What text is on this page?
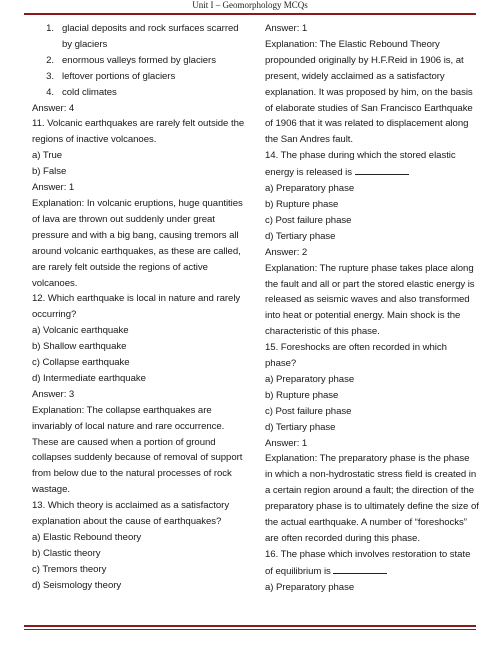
Unit I – Geomorphology MCQs
1. glacial deposits and rock surfaces scarred by glaciers
2. enormous valleys formed by glaciers
3. leftover portions of glaciers
4. cold climates

Answer: 4

11. Volcanic earthquakes are rarely felt outside the regions of inactive volcanoes.

a) True

b) False

Answer: 1

Explanation: In volcanic eruptions, huge quantities of lava are thrown out suddenly under great pressure and with a big bang, causing tremors all around volcanic earthquakes, as these are called, are rarely felt outside the regions of active volcanoes.

12. Which earthquake is local in nature and rarely occurring?

a) Volcanic earthquake

b) Shallow earthquake

c) Collapse earthquake

d) Intermediate earthquake

Answer: 3

Explanation: The collapse earthquakes are invariably of local nature and rare occurrence. These are caused when a portion of ground collapses suddenly because of removal of support from below due to the natural processes of rock wastage.

13. Which theory is acclaimed as a satisfactory explanation about the cause of earthquakes?

a) Elastic Rebound theory

b) Clastic theory

c) Tremors theory

d) Seismology theory

Answer: 1

Explanation: The Elastic Rebound Theory propounded originally by H.F.Reid in 1906 is, at present, widely acclaimed as a satisfactory explanation. It was proposed by him, on the basis of elaborate studies of San Francisco Earthquake of 1906 that it was related to displacement along the San Andres fault.

14. The phase during which the stored elastic energy is released is

a) Preparatory phase

b) Rupture phase

c) Post failure phase

d) Tertiary phase

Answer: 2

Explanation: The rupture phase takes place along the fault and all or part the stored elastic energy is released as seismic waves and also transformed into heat or potential energy. Main shock is the characteristic of this phase.

15. Foreshocks are often recorded in which phase?

a) Preparatory phase

b) Rupture phase

c) Post failure phase

d) Tertiary phase

Answer: 1

Explanation: The preparatory phase is the phase in which a non-hydrostatic stress field is created in a certain region around a fault; the direction of the preparatory phase is to ultimately define the size of the actual earthquake. A number of “foreshocks” are often recorded during this phase.

16. The phase which involves restoration to state of equilibrium is

a) Preparatory phase
